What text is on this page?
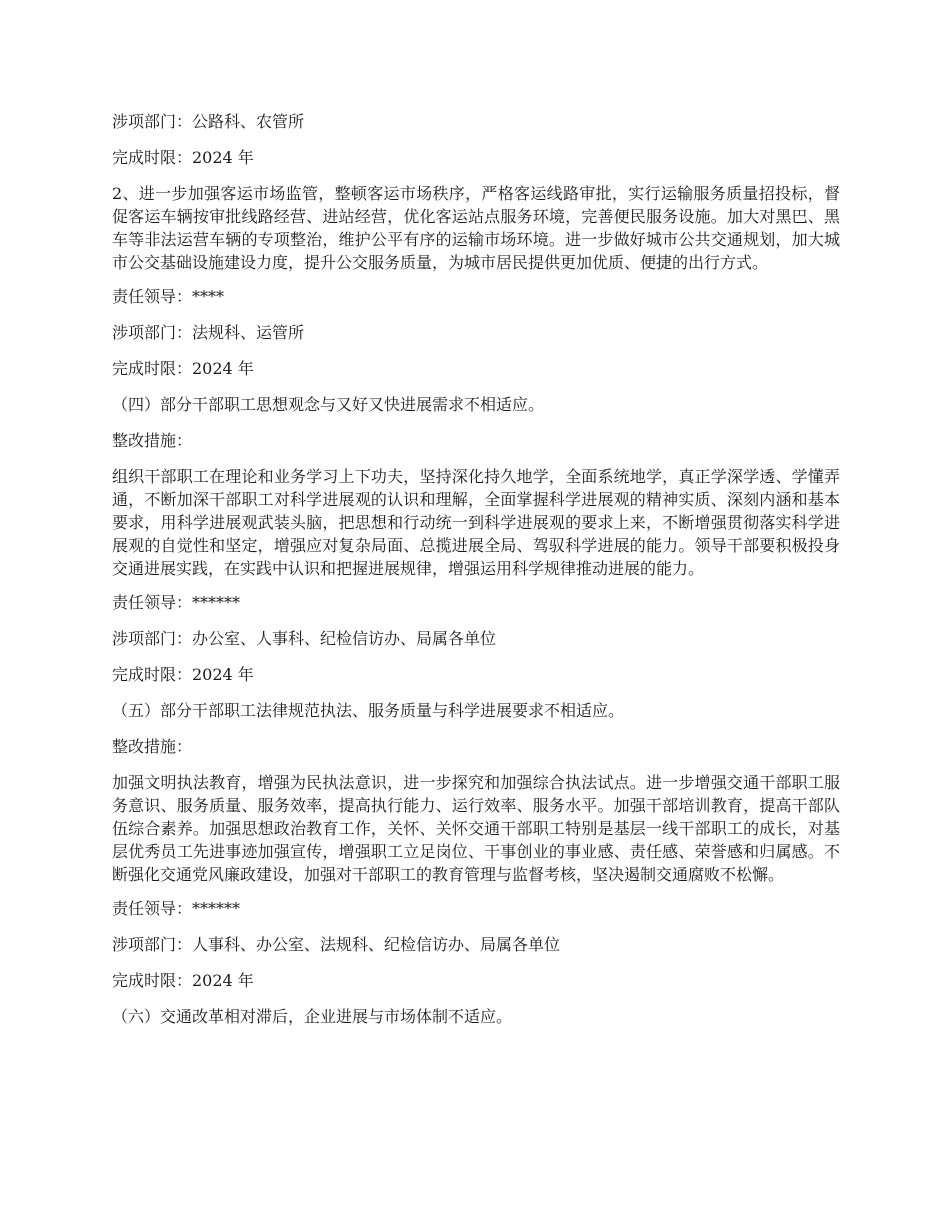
涉项部门：公路科、农管所

完成时限：2024 年

2、进一步加强客运市场监管，整顿客运市场秩序，严格客运线路审批，实行运输服务质量招投标，督促客运车辆按审批线路经营、进站经营，优化客运站点服务环境，完善便民服务设施。加大对黑巴、黑车等非法运营车辆的专项整治，维护公平有序的运输市场环境。进一步做好城市公共交通规划，加大城市公交基础设施建设力度，提升公交服务质量，为城市居民提供更加优质、便捷的出行方式。

责任领导：****

涉项部门：法规科、运管所

完成时限：2024 年

（四）部分干部职工思想观念与又好又快进展需求不相适应。

整改措施：

组织干部职工在理论和业务学习上下功夫，坚持深化持久地学，全面系统地学，真正学深学透、学懂弄通，不断加深干部职工对科学进展观的认识和理解，全面掌握科学进展观的精神实质、深刻内涵和基本要求，用科学进展观武装头脑，把思想和行动统一到科学进展观的要求上来，不断增强贯彻落实科学进展观的自觉性和坚定，增强应对复杂局面、总揽进展全局、驾驭科学进展的能力。领导干部要积极投身交通进展实践，在实践中认识和把握进展规律，增强运用科学规律推动进展的能力。

责任领导：******

涉项部门：办公室、人事科、纪检信访办、局属各单位

完成时限：2024 年

（五）部分干部职工法律规范执法、服务质量与科学进展要求不相适应。

整改措施：

加强文明执法教育，增强为民执法意识，进一步探究和加强综合执法试点。进一步增强交通干部职工服务意识、服务质量、服务效率，提高执行能力、运行效率、服务水平。加强干部培训教育，提高干部队伍综合素养。加强思想政治教育工作，关怀、关怀交通干部职工特别是基层一线干部职工的成长，对基层优秀员工先进事迹加强宣传，增强职工立足岗位、干事创业的事业感、责任感、荣誉感和归属感。不断强化交通党风廉政建设，加强对干部职工的教育管理与监督考核，坚决遏制交通腐败不松懈。

责任领导：******

涉项部门：人事科、办公室、法规科、纪检信访办、局属各单位

完成时限：2024 年

（六）交通改革相对滞后，企业进展与市场体制不适应。
